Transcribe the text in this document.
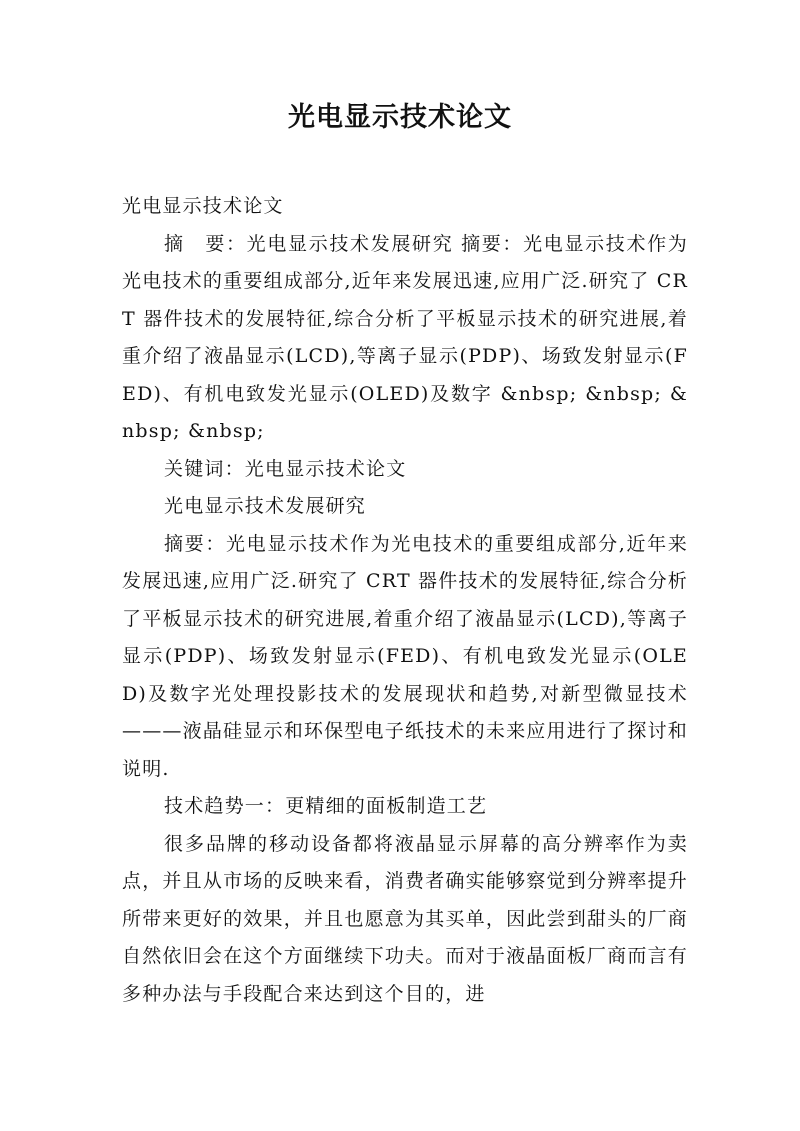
光电显示技术论文

光电显示技术论文

摘　要：光电显示技术发展研究 摘要：光电显示技术作为光电技术的重要组成部分,近年来发展迅速,应用广泛.研究了 CRT 器件技术的发展特征,综合分析了平板显示技术的研究进展,着重介绍了液晶显示(LCD),等离子显示(PDP)、场致发射显示(FED)、有机电致发光显示(OLED)及数字 &nbsp; &nbsp; &nbsp; &nbsp;

关键词：光电显示技术论文

光电显示技术发展研究

摘要：光电显示技术作为光电技术的重要组成部分,近年来发展迅速,应用广泛.研究了 CRT 器件技术的发展特征,综合分析了平板显示技术的研究进展,着重介绍了液晶显示(LCD),等离子显示(PDP)、场致发射显示(FED)、有机电致发光显示(OLED)及数字光处理投影技术的发展现状和趋势,对新型微显技术———液晶硅显示和环保型电子纸技术的未来应用进行了探讨和说明.

技术趋势一：更精细的面板制造工艺

很多品牌的移动设备都将液晶显示屏幕的高分辨率作为卖点，并且从市场的反映来看，消费者确实能够察觉到分辨率提升所带来更好的效果，并且也愿意为其买单，因此尝到甜头的厂商自然依旧会在这个方面继续下功夫。而对于液晶面板厂商而言有多种办法与手段配合来达到这个目的，进
